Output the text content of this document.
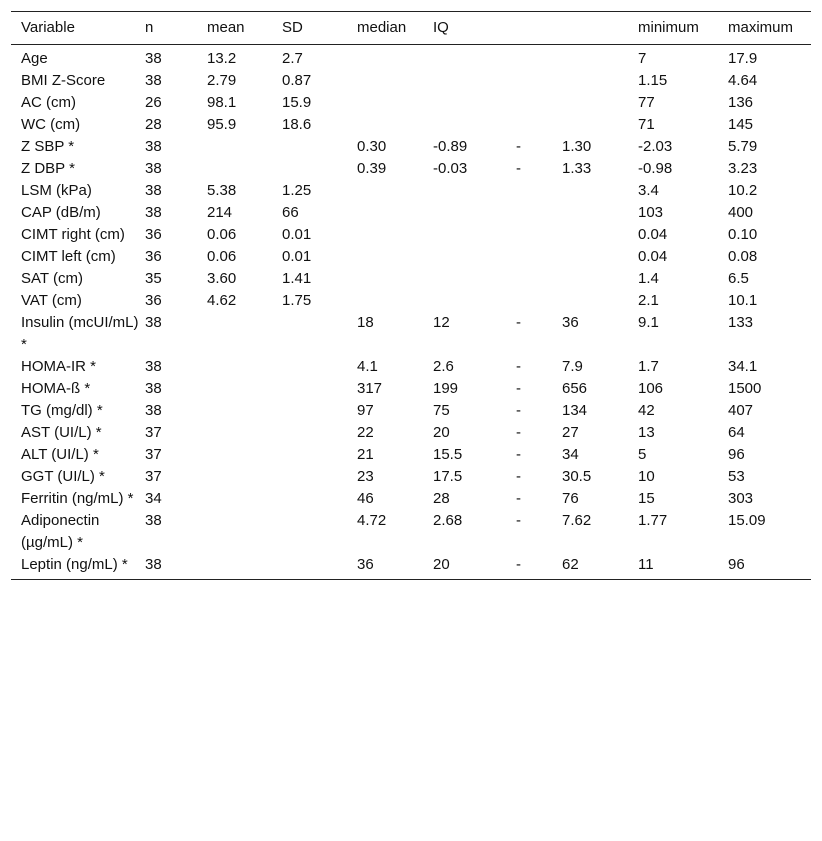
Variable	n	mean	SD	median	IQ			minimum	maximum
Age	38	13.2	2.7					7	17.9
BMI Z-Score	38	2.79	0.87					1.15	4.64
AC (cm)	26	98.1	15.9					77	136
WC (cm)	28	95.9	18.6					71	145
Z SBP *	38			0.30	-0.89	-	1.30	-2.03	5.79
Z DBP *	38			0.39	-0.03	-	1.33	-0.98	3.23
LSM (kPa)	38	5.38	1.25					3.4	10.2
CAP (dB/m)	38	214	66					103	400
CIMT right (cm)	36	0.06	0.01					0.04	0.10
CIMT left (cm)	36	0.06	0.01					0.04	0.08
SAT (cm)	35	3.60	1.41					1.4	6.5
VAT (cm)	36	4.62	1.75					2.1	10.1
Insulin (mcUI/mL) *	38			18	12	-	36	9.1	133
HOMA-IR *	38			4.1	2.6	-	7.9	1.7	34.1
HOMA-ß *	38			317	199	-	656	106	1500
TG (mg/dl) *	38			97	75	-	134	42	407
AST (UI/L) *	37			22	20	-	27	13	64
ALT (UI/L) *	37			21	15.5	-	34	5	96
GGT (UI/L) *	37			23	17.5	-	30.5	10	53
Ferritin (ng/mL) *	34			46	28	-	76	15	303
Adiponectin (µg/mL) *	38			4.72	2.68	-	7.62	1.77	15.09
Leptin (ng/mL) *	38			36	20	-	62	11	96
